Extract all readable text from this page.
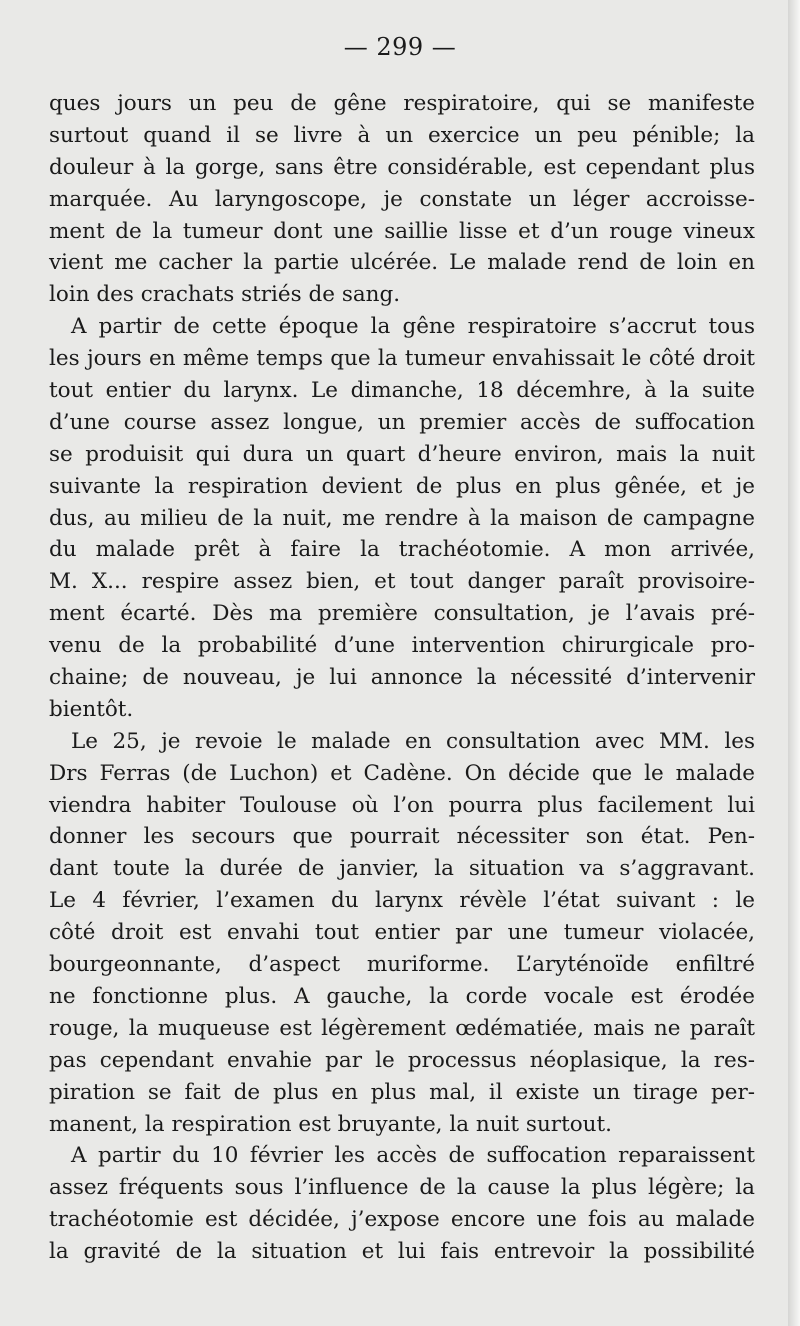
— 299 —
ques jours un peu de gêne respiratoire, qui se manifeste
surtout quand il se livre à un exercice un peu pénible; la
douleur à la gorge, sans être considérable, est cependant plus
marquée. Au laryngoscope, je constate un léger accroisse-
ment de la tumeur dont une saillie lisse et d’un rouge vineux
vient me cacher la partie ulcérée. Le malade rend de loin en
loin des crachats striés de sang.
A partir de cette époque la gêne respiratoire s’accrut tous
les jours en même temps que la tumeur envahissait le côté droit
tout entier du larynx. Le dimanche, 18 décemhre, à la suite
d’une course assez longue, un premier accès de suffocation
se produisit qui dura un quart d’heure environ, mais la nuit
suivante la respiration devient de plus en plus gênée, et je
dus, au milieu de la nuit, me rendre à la maison de campagne
du malade prêt à faire la trachéotomie. A mon arrivée,
M. X... respire assez bien, et tout danger paraît provisoire-
ment écarté. Dès ma première consultation, je l’avais pré-
venu de la probabilité d’une intervention chirurgicale pro-
chaine; de nouveau, je lui annonce la nécessité d’intervenir
bientôt.
Le 25, je revoie le malade en consultation avec MM. les
Drs Ferras (de Luchon) et Cadène. On décide que le malade
viendra habiter Toulouse où l’on pourra plus facilement lui
donner les secours que pourrait nécessiter son état. Pen-
dant toute la durée de janvier, la situation va s’aggravant.
Le 4 février, l’examen du larynx révèle l’état suivant : le
côté droit est envahi tout entier par une tumeur violacée,
bourgeonnante, d’aspect muriforme. L’aryténoïde enfiltré
ne fonctionne plus. A gauche, la corde vocale est érodée
rouge, la muqueuse est légèrement œdématiée, mais ne paraît
pas cependant envahie par le processus néoplasique, la res-
piration se fait de plus en plus mal, il existe un tirage per-
manent, la respiration est bruyante, la nuit surtout.
A partir du 10 février les accès de suffocation reparaissent
assez fréquents sous l’influence de la cause la plus légère; la
trachéotomie est décidée, j’expose encore une fois au malade
la gravité de la situation et lui fais entrevoir la possibilité
